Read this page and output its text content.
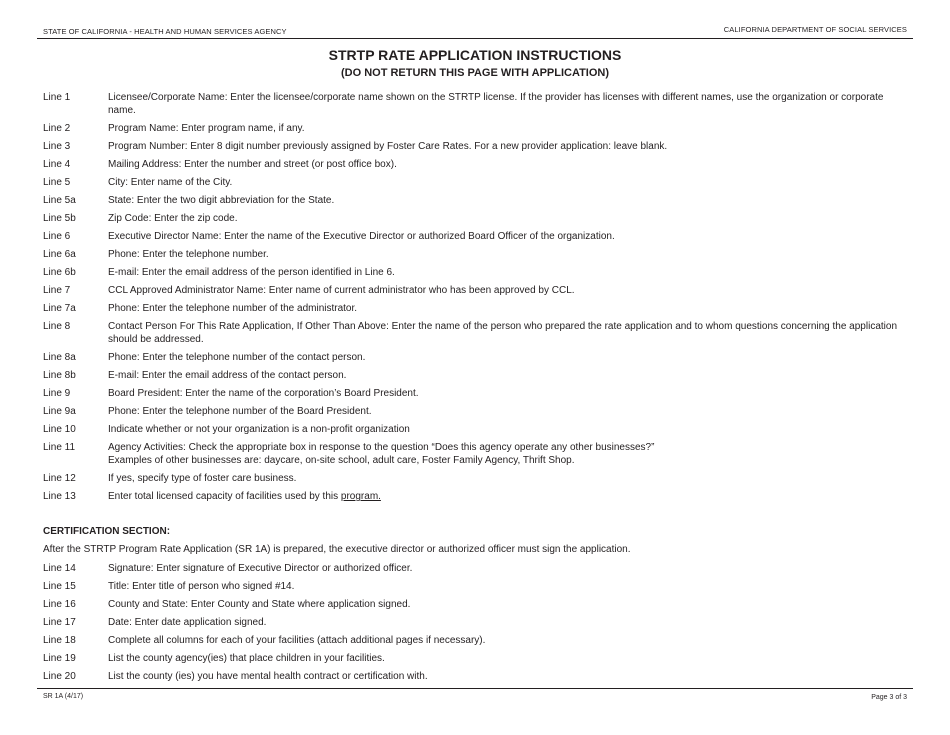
STATE OF CALIFORNIA - HEALTH AND HUMAN SERVICES AGENCY	CALIFORNIA DEPARTMENT OF SOCIAL SERVICES
STRTP RATE APPLICATION INSTRUCTIONS
(DO NOT RETURN THIS PAGE WITH APPLICATION)
Line 1	Licensee/Corporate Name: Enter the licensee/corporate name shown on the STRTP license. If the provider has licenses with different names, use the organization or corporate name.
Line 2	Program Name: Enter program name, if any.
Line 3	Program Number: Enter 8 digit number previously assigned by Foster Care Rates. For a new provider application: leave blank.
Line 4	Mailing Address: Enter the number and street (or post office box).
Line 5	City: Enter name of the City.
Line 5a	State: Enter the two digit abbreviation for the State.
Line 5b	Zip Code: Enter the zip code.
Line 6	Executive Director Name: Enter the name of the Executive Director or authorized Board Officer of the organization.
Line 6a	Phone: Enter the telephone number.
Line 6b	E-mail: Enter the email address of the person identified in Line 6.
Line 7	CCL Approved Administrator Name: Enter name of current administrator who has been approved by CCL.
Line 7a	Phone: Enter the telephone number of the administrator.
Line 8	Contact Person For This Rate Application, If Other Than Above: Enter the name of the person who prepared the rate application and to whom questions concerning the application should be addressed.
Line 8a	Phone: Enter the telephone number of the contact person.
Line 8b	E-mail: Enter the email address of the contact person.
Line 9	Board President: Enter the name of the corporation’s Board President.
Line 9a	Phone: Enter the telephone number of the Board President.
Line 10	Indicate whether or not your organization is a non-profit organization
Line 11	Agency Activities: Check the appropriate box in response to the question “Does this agency operate any other businesses?”
Examples of other businesses are: daycare, on-site school, adult care, Foster Family Agency, Thrift Shop.
Line 12	If yes, specify type of foster care business.
Line 13	Enter total licensed capacity of facilities used by this program.
CERTIFICATION SECTION:
After the STRTP Program Rate Application (SR 1A) is prepared, the executive director or authorized officer must sign the application.
Line 14	Signature: Enter signature of Executive Director or authorized officer.
Line 15	Title: Enter title of person who signed #14.
Line 16	County and State: Enter County and State where application signed.
Line 17	Date: Enter date application signed.
Line 18	Complete all columns for each of your facilities (attach additional pages if necessary).
Line 19	List the county agency(ies) that place children in your facilities.
Line 20	List the county (ies) you have mental health contract or certification with.
SR 1A (4/17)	Page 3 of 3
